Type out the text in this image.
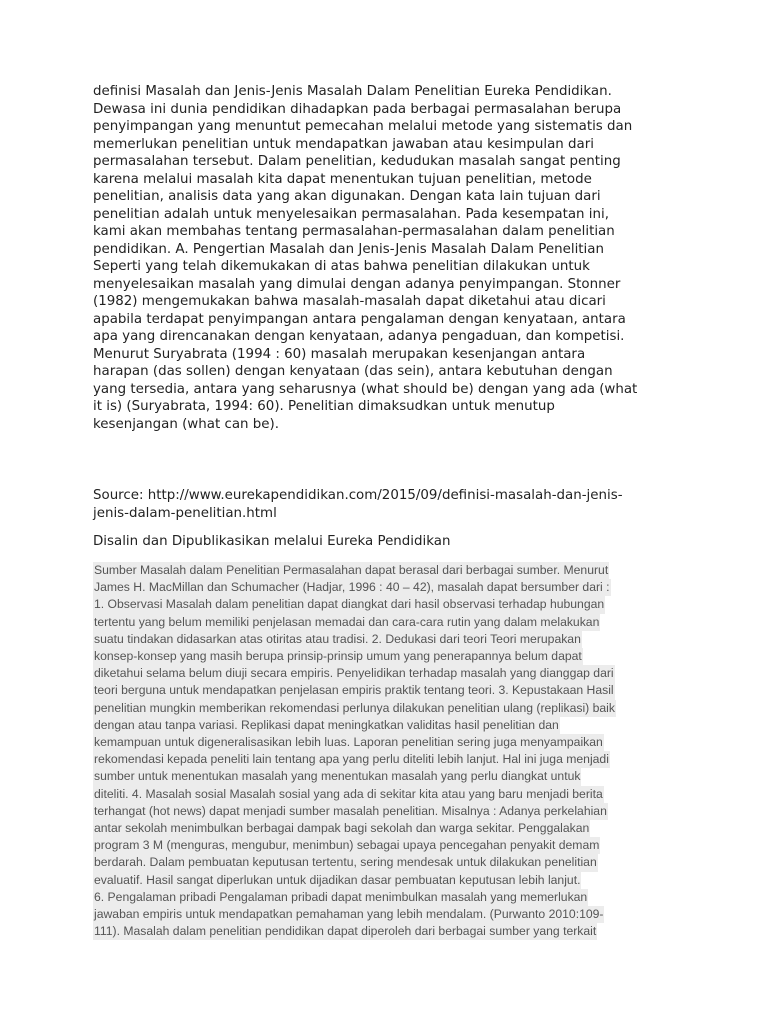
definisi Masalah dan Jenis-Jenis Masalah Dalam Penelitian Eureka Pendidikan.
Dewasa ini dunia pendidikan dihadapkan pada berbagai permasalahan berupa
penyimpangan yang menuntut pemecahan melalui metode yang sistematis dan
memerlukan penelitian untuk mendapatkan jawaban atau kesimpulan dari
permasalahan tersebut. Dalam penelitian, kedudukan masalah sangat penting
karena melalui masalah kita dapat menentukan tujuan penelitian, metode
penelitian, analisis data yang akan digunakan. Dengan kata lain tujuan dari
penelitian adalah untuk menyelesaikan permasalahan. Pada kesempatan ini,
kami akan membahas tentang permasalahan-permasalahan dalam penelitian
pendidikan. A. Pengertian Masalah dan Jenis-Jenis Masalah Dalam Penelitian
Seperti yang telah dikemukakan di atas bahwa penelitian dilakukan untuk
menyelesaikan masalah yang dimulai dengan adanya penyimpangan. Stonner
(1982) mengemukakan bahwa masalah-masalah dapat diketahui atau dicari
apabila terdapat penyimpangan antara pengalaman dengan kenyataan, antara
apa yang direncanakan dengan kenyataan, adanya pengaduan, dan kompetisi.
Menurut Suryabrata (1994 : 60) masalah merupakan kesenjangan antara
harapan (das sollen) dengan kenyataan (das sein), antara kebutuhan dengan
yang tersedia, antara yang seharusnya (what should be) dengan yang ada (what
it is) (Suryabrata, 1994: 60). Penelitian dimaksudkan untuk menutup
kesenjangan (what can be).
Source: http://www.eurekapendidikan.com/2015/09/definisi-masalah-dan-jenis-
jenis-dalam-penelitian.html
Disalin dan Dipublikasikan melalui Eureka Pendidikan
Sumber Masalah dalam Penelitian Permasalahan dapat berasal dari berbagai sumber. Menurut
James H. MacMillan dan Schumacher (Hadjar, 1996 : 40 – 42), masalah dapat bersumber dari :
1. Observasi Masalah dalam penelitian dapat diangkat dari hasil observasi terhadap hubungan
tertentu yang belum memiliki penjelasan memadai dan cara-cara rutin yang dalam melakukan
suatu tindakan didasarkan atas otiritas atau tradisi. 2. Dedukasi dari teori Teori merupakan
konsep-konsep yang masih berupa prinsip-prinsip umum yang penerapannya belum dapat
diketahui selama belum diuji secara empiris. Penyelidikan terhadap masalah yang dianggap dari
teori berguna untuk mendapatkan penjelasan empiris praktik tentang teori. 3. Kepustakaan Hasil
penelitian mungkin memberikan rekomendasi perlunya dilakukan penelitian ulang (replikasi) baik
dengan atau tanpa variasi. Replikasi dapat meningkatkan validitas hasil penelitian dan
kemampuan untuk digeneralisasikan lebih luas. Laporan penelitian sering juga menyampaikan
rekomendasi kepada peneliti lain tentang apa yang perlu diteliti lebih lanjut. Hal ini juga menjadi
sumber untuk menentukan masalah yang menentukan masalah yang perlu diangkat untuk
diteliti. 4. Masalah sosial Masalah sosial yang ada di sekitar kita atau yang baru menjadi berita
terhangat (hot news) dapat menjadi sumber masalah penelitian. Misalnya : Adanya perkelahian
antar sekolah menimbulkan berbagai dampak bagi sekolah dan warga sekitar. Penggalakan
program 3 M (menguras, mengubur, menimbun) sebagai upaya pencegahan penyakit demam
berdarah. Dalam pembuatan keputusan tertentu, sering mendesak untuk dilakukan penelitian
evaluatif. Hasil sangat diperlukan untuk dijadikan dasar pembuatan keputusan lebih lanjut.
6. Pengalaman pribadi Pengalaman pribadi dapat menimbulkan masalah yang memerlukan
jawaban empiris untuk mendapatkan pemahaman yang lebih mendalam. (Purwanto 2010:109-
111). Masalah dalam penelitian pendidikan dapat diperoleh dari berbagai sumber yang terkait
